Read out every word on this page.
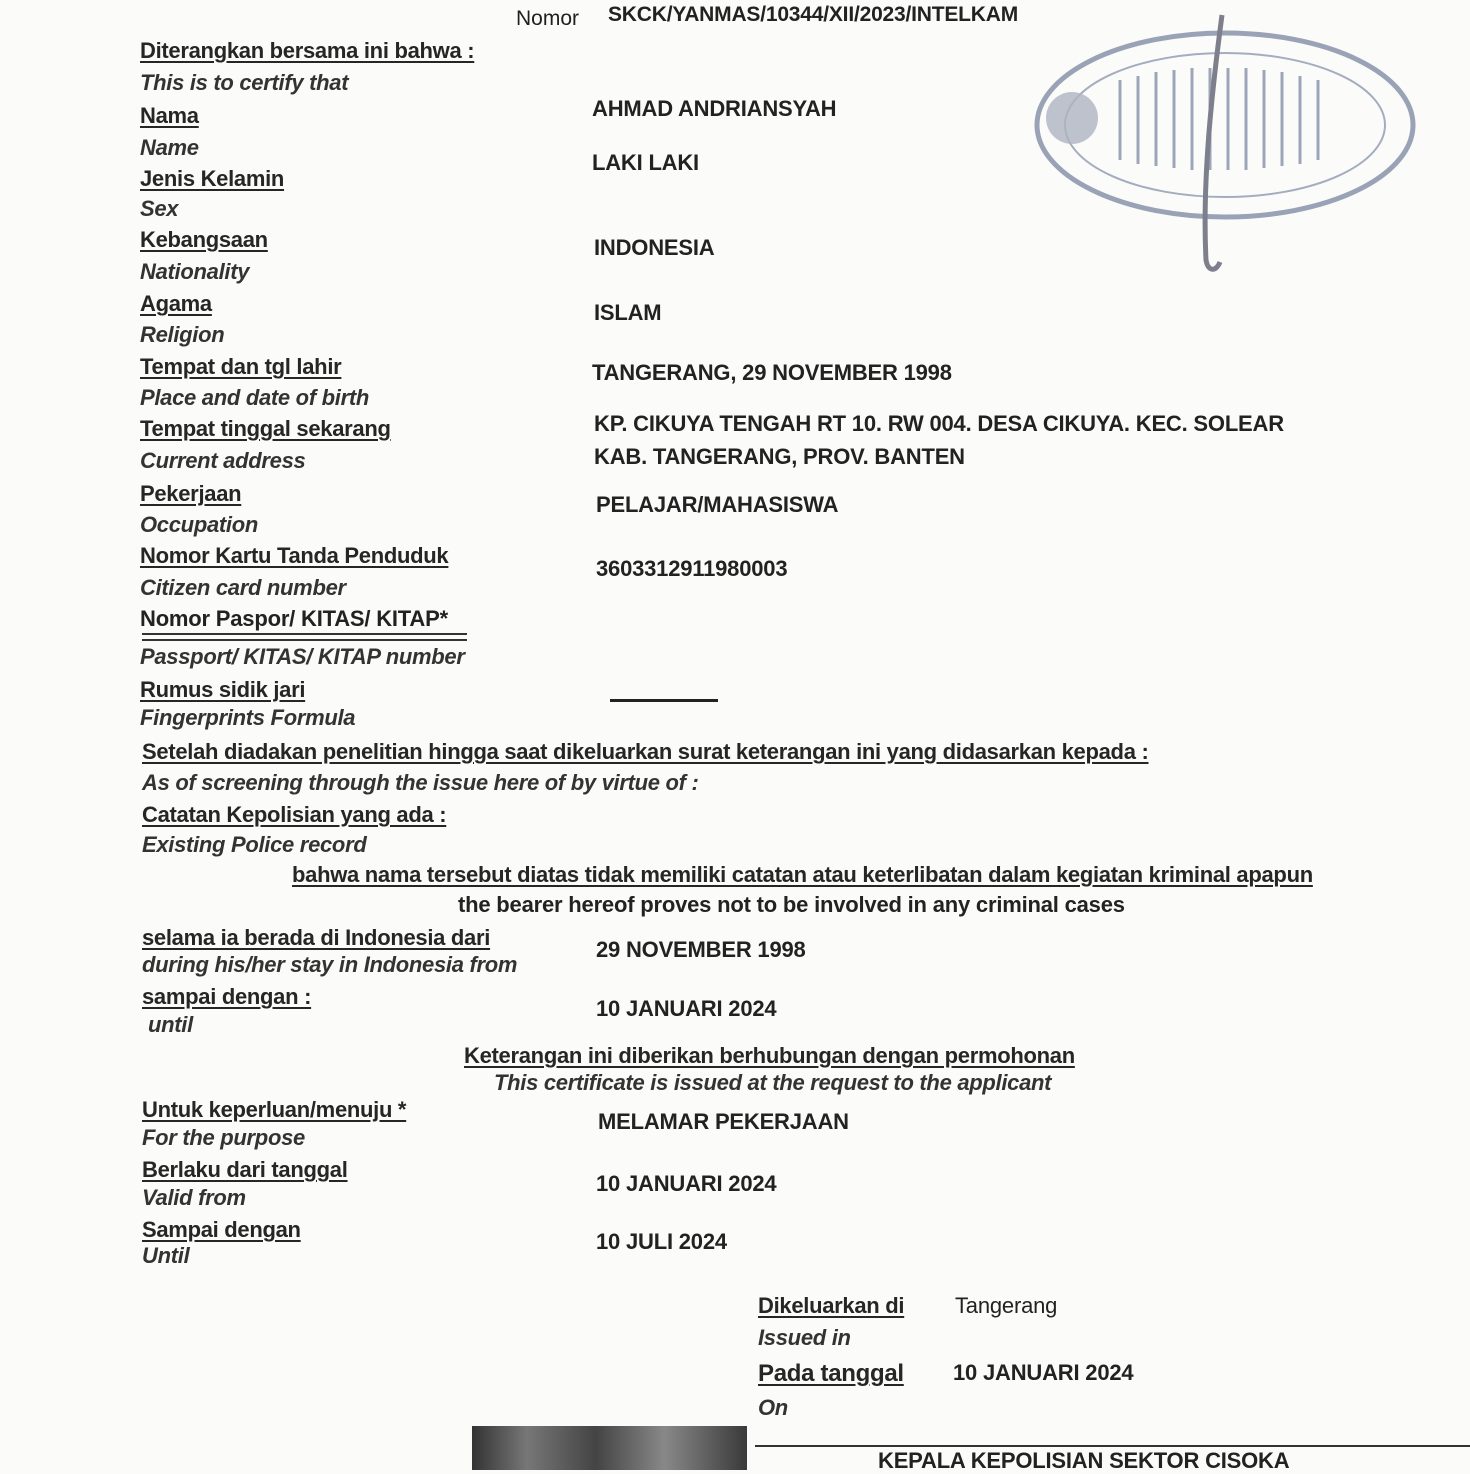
Nomor SKCK/YANMAS/10344/XII/2023/INTELKAM
Diterangkan bersama ini bahwa :
This is to certify that
Nama
Name
AHMAD ANDRIANSYAH
Jenis Kelamin
Sex
LAKI LAKI
Kebangsaan
Nationality
INDONESIA
Agama
Religion
ISLAM
Tempat dan tgl lahir
Place and date of birth
TANGERANG, 29 NOVEMBER 1998
Tempat tinggal sekarang
Current address
KP. CIKUYA TENGAH RT 10. RW 004. DESA CIKUYA. KEC. SOLEAR
KAB. TANGERANG, PROV. BANTEN
Pekerjaan
Occupation
PELAJAR/MAHASISWA
Nomor Kartu Tanda Penduduk
Citizen card number
3603312911980003
Nomor Paspor/ KITAS/ KITAP*
Passport/ KITAS/ KITAP number
Rumus sidik jari
Fingerprints Formula
Setelah diadakan penelitian hingga saat dikeluarkan surat keterangan ini yang didasarkan kepada :
As of screening through the issue here of by virtue of :
Catatan Kepolisian yang ada :
Existing Police record
bahwa nama tersebut diatas tidak memiliki catatan atau keterlibatan dalam kegiatan kriminal apapun
the bearer hereof proves not to be involved in any criminal cases
selama ia berada di Indonesia dari
during his/her stay in Indonesia from
29 NOVEMBER 1998
sampai dengan :
until
10 JANUARI 2024
Keterangan ini diberikan berhubungan dengan permohonan
This certificate is issued at the request to the applicant
Untuk keperluan/menuju *
For the purpose
MELAMAR PEKERJAAN
Berlaku dari tanggal
Valid from
10 JANUARI 2024
Sampai dengan
Until
10 JULI 2024
Dikeluarkan di
Issued in
Tangerang
Pada tanggal
On
10 JANUARI 2024
KEPALA KEPOLISIAN SEKTOR CISOKA
